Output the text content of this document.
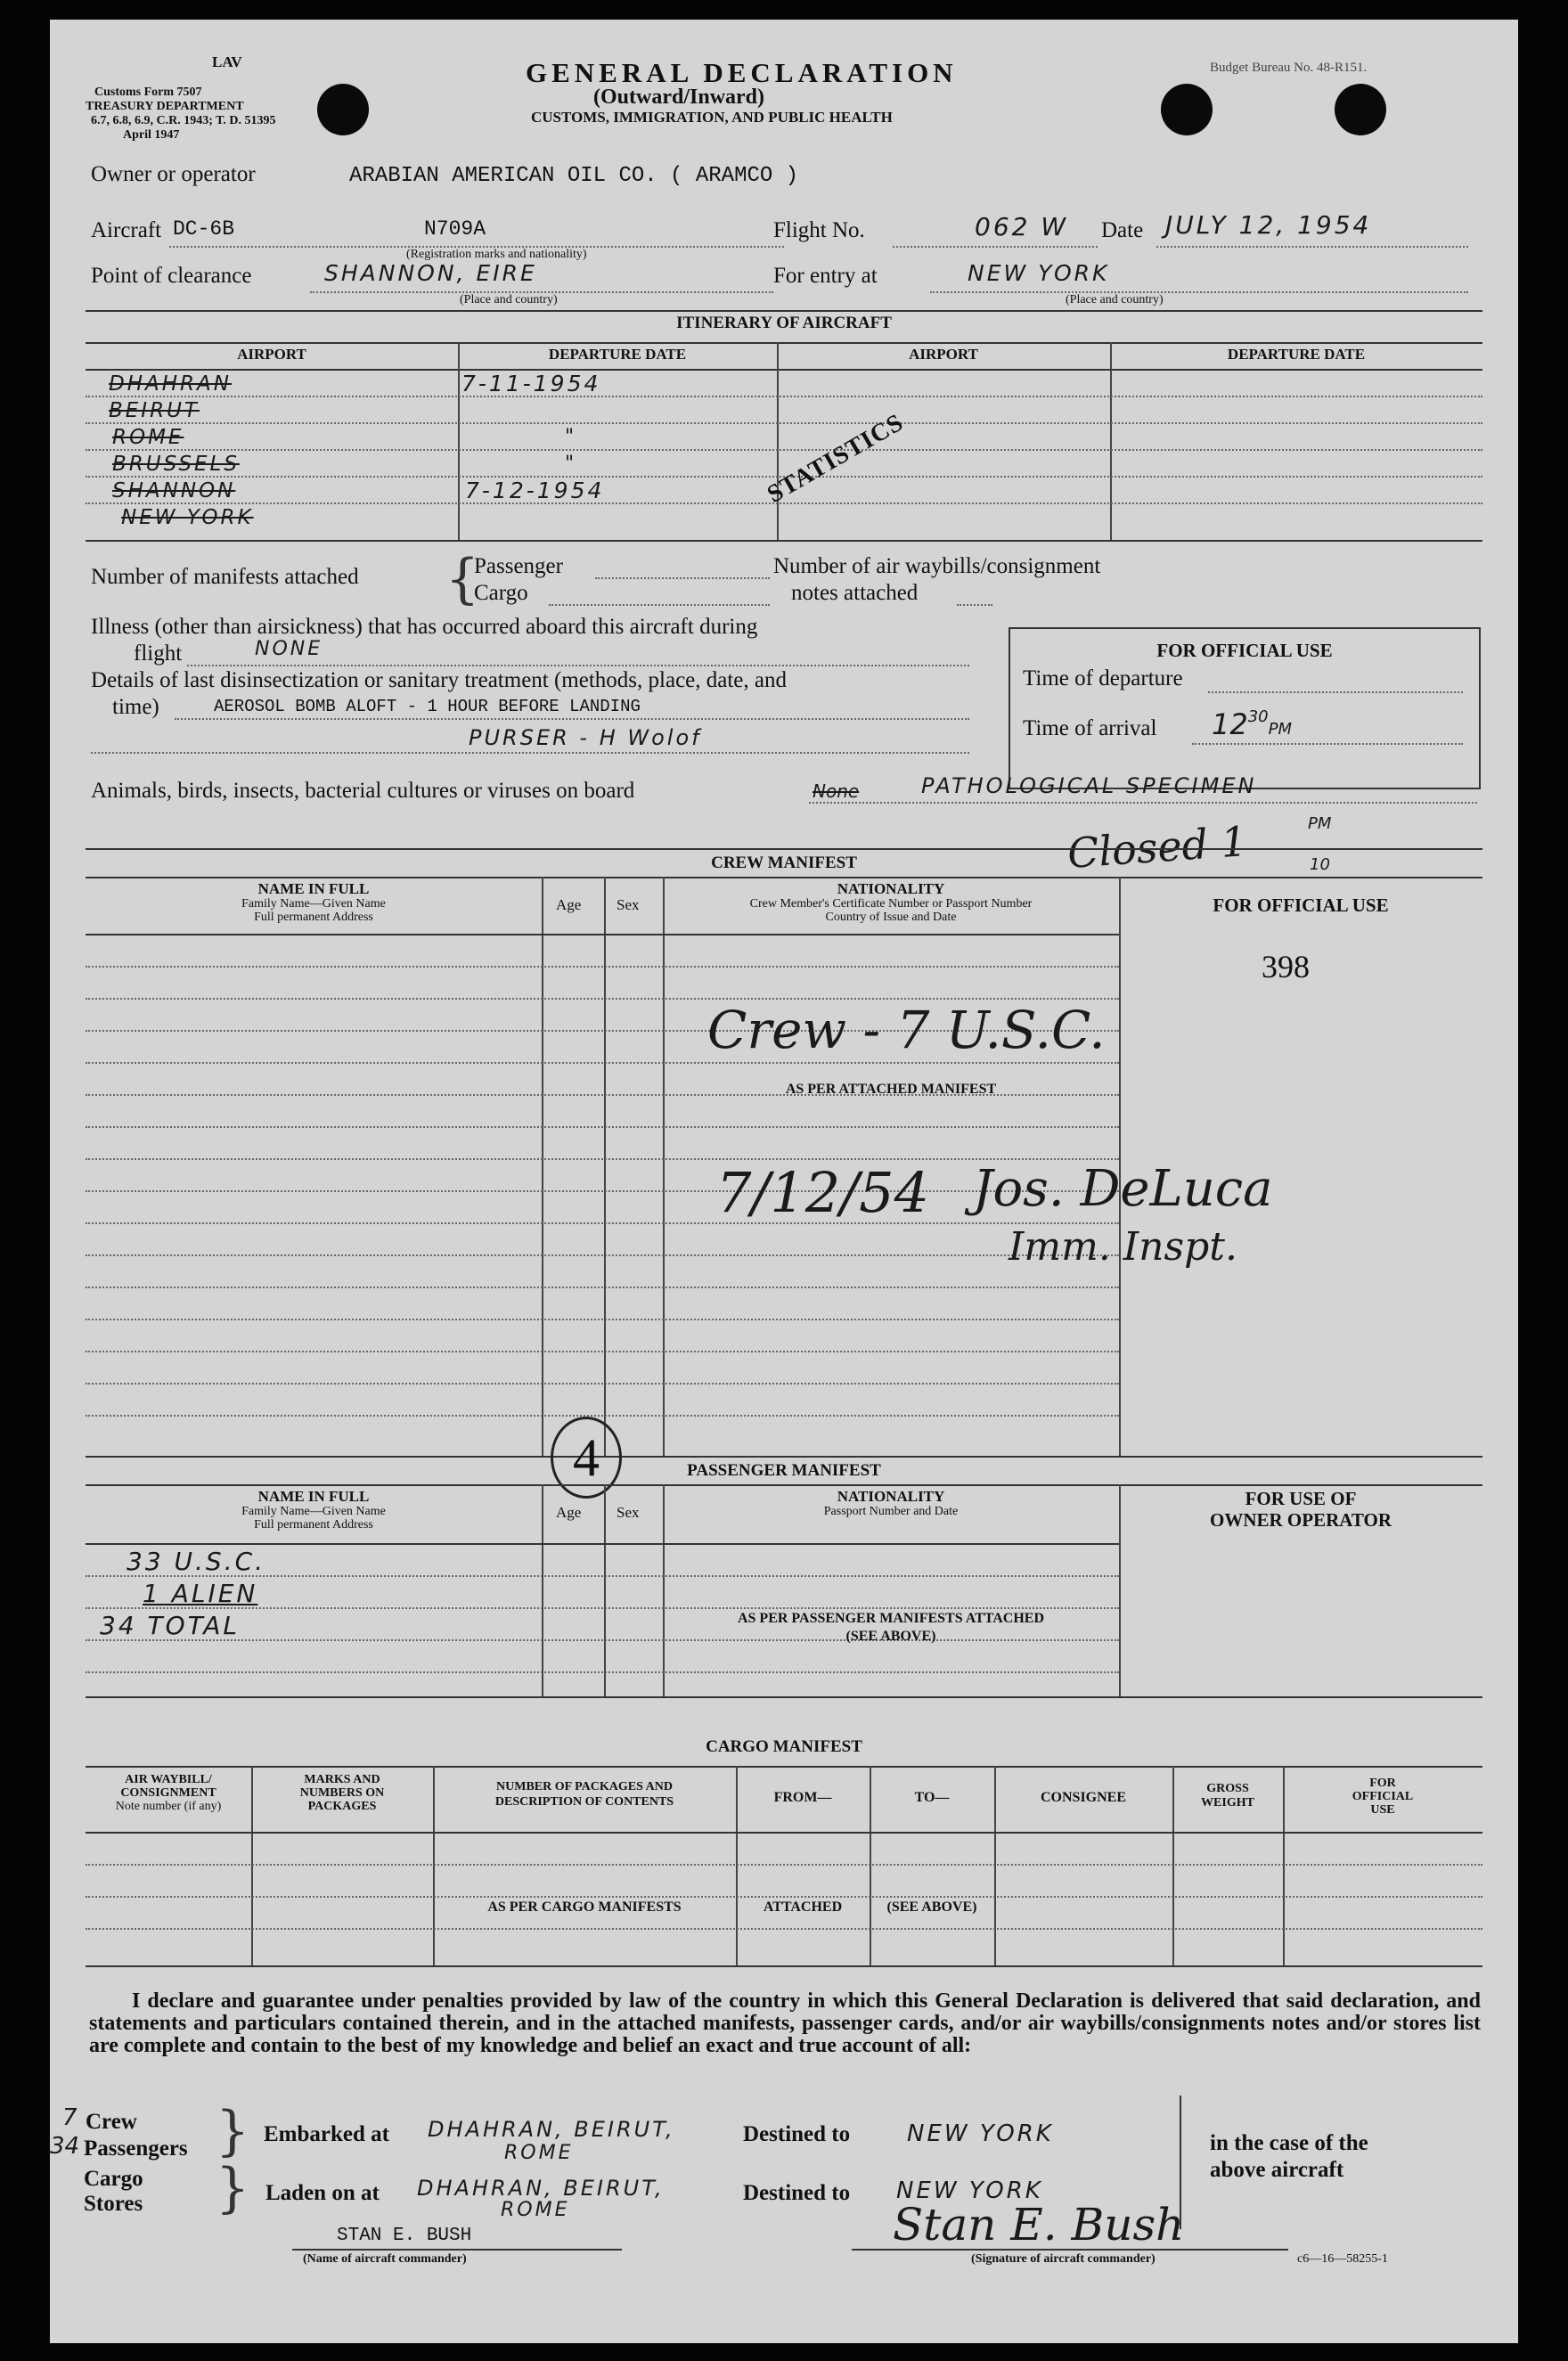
LAV
Customs Form 7507
TREASURY DEPARTMENT
6.7, 6.8, 6.9, C.R. 1943; T. D. 51395
April 1947
GENERAL DECLARATION
(Outward/Inward)
CUSTOMS, IMMIGRATION, AND PUBLIC HEALTH
Budget Bureau No. 48-R151.
Owner or operator	ARABIAN AMERICAN OIL CO. ( ARAMCO )
Aircraft DC-6B	N709A
(Registration marks and nationality)
Flight No.	062 W Date JULY 12, 1954
Point of clearance	SHANNON, EIRE
(Place and country)
For entry at	NEW YORK
(Place and country)
ITINERARY OF AIRCRAFT
AIRPORT	DEPARTURE DATE	AIRPORT	DEPARTURE DATE
DHAHRAN	7-11-1954
BEIRUT
ROME	"
BRUSSELS	"
SHANNON	7-12-1954
NEW YORK
STATISTICS
Number of manifests attached {
Passenger
Cargo
Number of air waybills/consignment
notes attached
Illness (other than airsickness) that has occurred aboard this aircraft during
flight	NONE
Details of last disinsectization or sanitary treatment (methods, place, date, and
time)	AEROSOL BOMB ALOFT - 1 HOUR BEFORE LANDING
PURSER - H Wolof
FOR OFFICIAL USE
Time of departure
Time of arrival $12^{30}PM$
Animals, birds, insects, bacterial cultures or viruses on board	None	PATHOLOGICAL SPECIMEN
Closed 1	PM
10
CREW MANIFEST
NAME IN FULL
Family Name—Given Name
Full permanent Address
Age Sex
NATIONALITY
Crew Member's Certificate Number or Passport Number
Country of Issue and Date
FOR OFFICIAL USE
398
Crew - 7 U.S.C.
AS PER ATTACHED MANIFEST
7/12/54 Jos. DeLuca
Imm. Inspt.
PASSENGER MANIFEST
4
NAME IN FULL
Family Name—Given Name
Full permanent Address
Age Sex
NATIONALITY
Passport Number and Date
FOR USE OF
OWNER OPERATOR
33 U.S.C.
1 ALIEN
34 TOTAL	AS PER PASSENGER MANIFESTS ATTACHED
(SEE ABOVE)
CARGO MANIFEST
AIR WAYBILL/
CONSIGNMENT
Note number (if any)
MARKS AND
NUMBERS ON
PACKAGES
NUMBER OF PACKAGES AND
DESCRIPTION OF CONTENTS	FROM—	TO—	CONSIGNEE
GROSS
WEIGHT
FOR
OFFICIAL
USE
AS PER CARGO MANIFESTS	ATTACHED	(SEE ABOVE)
I declare and guarantee under penalties provided by law of the country in which this General Declaration is delivered that said declaration, and statements and particulars contained therein, and in the attached manifests, passenger cards, and/or air waybills/consignments notes and/or stores list are complete and contain to the best of my knowledge and belief an exact and true account of all:
7 Crew
34 Passengers } Embarked at DHAHRAN, BEIRUT,
ROME
Destined to NEW YORK
Cargo
Stores } Laden on at DHAHRAN, BEIRUT,
ROME
Destined to NEW YORK
in the case of the
above aircraft
STAN E. BUSH
(Name of aircraft commander)
Stan E. Bush
(Signature of aircraft commander)	c6—16—58255-1
